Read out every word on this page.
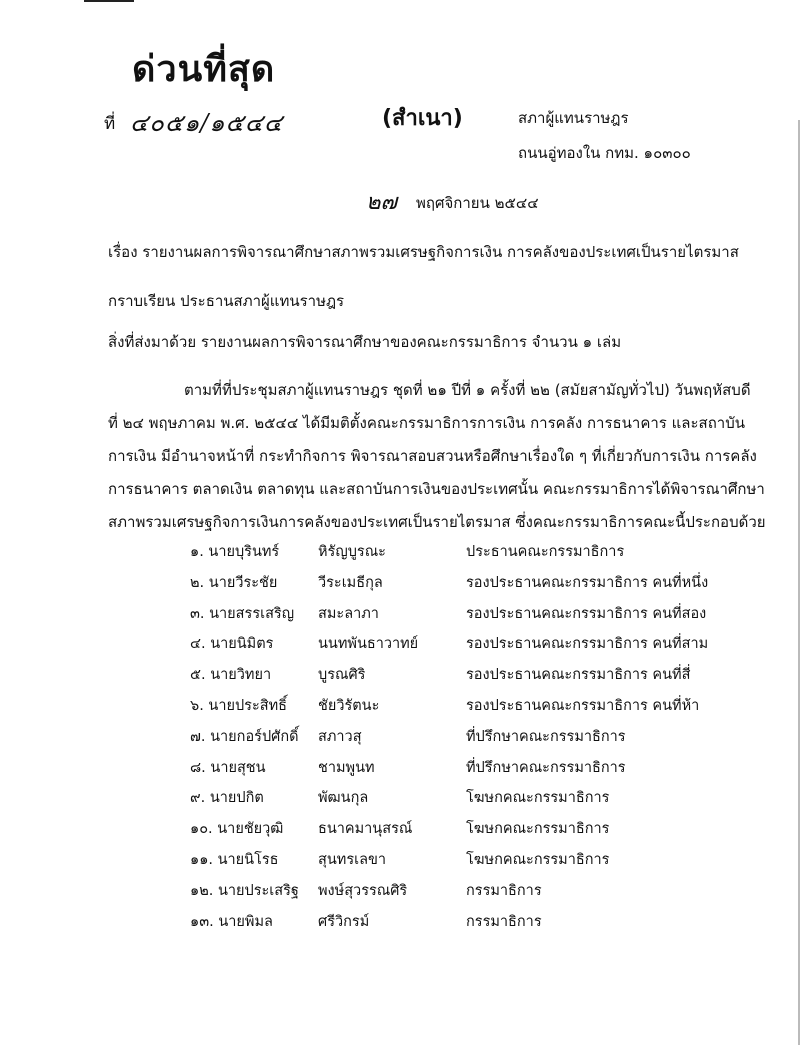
ด่วนที่สุด
ที่ ๔๐๕๑/๑๕๔๔	(สำเนา)	สภาผู้แทนราษฎร
ถนนอู่ทองใน กทม. ๑๐๓๐๐
๒๗ พฤศจิกายน ๒๕๔๔
เรื่อง รายงานผลการพิจารณาศึกษาสภาพรวมเศรษฐกิจการเงิน การคลังของประเทศเป็นรายไตรมาส
กราบเรียน ประธานสภาผู้แทนราษฎร
สิ่งที่ส่งมาด้วย รายงานผลการพิจารณาศึกษาของคณะกรรมาธิการ จำนวน ๑ เล่ม

ตามที่ที่ประชุมสภาผู้แทนราษฎร ชุดที่ ๒๑ ปีที่ ๑ ครั้งที่ ๒๒ (สมัยสามัญทั่วไป) วันพฤหัสบดี

ที่ ๒๔ พฤษภาคม พ.ศ. ๒๕๔๔ ได้มีมติตั้งคณะกรรมาธิการการเงิน การคลัง การธนาคาร และสถาบัน

การเงิน มีอำนาจหน้าที่ กระทำกิจการ พิจารณาสอบสวนหรือศึกษาเรื่องใด ๆ ที่เกี่ยวกับการเงิน การคลัง

การธนาคาร ตลาดเงิน ตลาดทุน และสถาบันการเงินของประเทศนั้น คณะกรรมาธิการได้พิจารณาศึกษา

สภาพรวมเศรษฐกิจการเงินการคลังของประเทศเป็นรายไตรมาส ซึ่งคณะกรรมาธิการคณะนี้ประกอบด้วย

๑. นายบุรินทร์	หิรัญบูรณะ	ประธานคณะกรรมาธิการ
๒. นายวีระชัย	วีระเมธีกุล	รองประธานคณะกรรมาธิการ คนที่หนึ่ง
๓. นายสรรเสริญ สมะลาภา	รองประธานคณะกรรมาธิการ คนที่สอง
๔. นายนิมิตร	นนทพันธาวาทย์	รองประธานคณะกรรมาธิการ คนที่สาม
๕. นายวิทยา	บูรณศิริ	รองประธานคณะกรรมาธิการ คนที่สี่
๖. นายประสิทธิ์ ชัยวิรัตนะ	รองประธานคณะกรรมาธิการ คนที่ห้า
๗. นายกอร์ปศักดิ์ สภาวสุ	ที่ปรึกษาคณะกรรมาธิการ
๘. นายสุชน	ชามพูนท	ที่ปรึกษาคณะกรรมาธิการ
๙. นายปกิต	พัฒนกุล	โฆษกคณะกรรมาธิการ
๑๐. นายชัยวุฒิ ธนาคมานุสรณ์	โฆษกคณะกรรมาธิการ
๑๑. นายนิโรธ	สุนทรเลขา	โฆษกคณะกรรมาธิการ
๑๒. นายประเสริฐ พงษ์สุวรรณศิริ	กรรมาธิการ
๑๓. นายพิมล	ศรีวิกรม์	กรรมาธิการ
